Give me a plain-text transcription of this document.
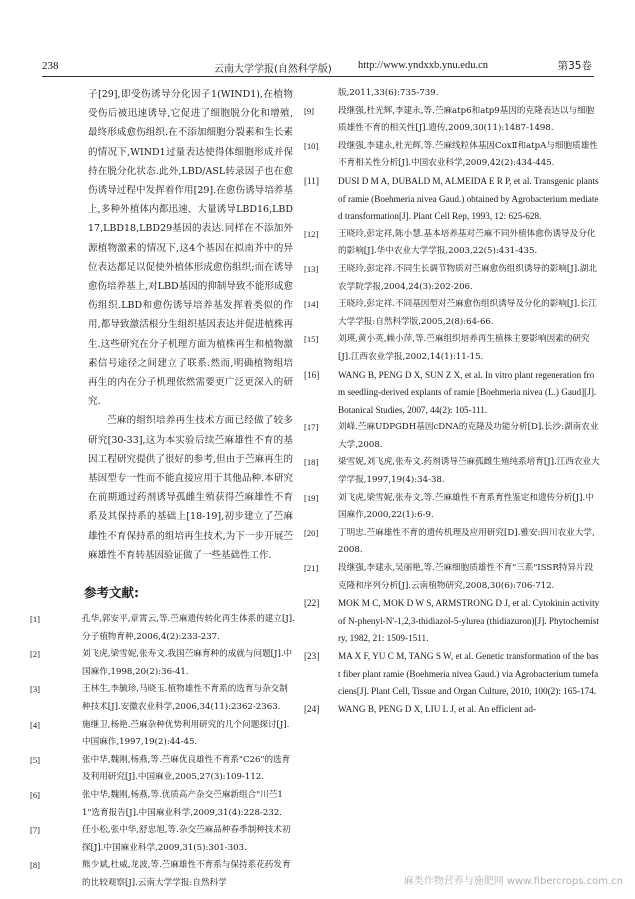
238	云南大学学报(自然科学版) http://www.yndxxb.ynu.edu.cn	第35卷

子[29],即受伤诱导分化因子1(WIND1),在植物受伤后被迅速诱导,它促进了细胞脱分化和增殖,最终形成愈伤组织.在不添加细胞分裂素和生长素的情况下,WIND1过量表达使得体细胞形成并保持在脱分化状态.此外,LBD/ASL转录因子也在愈伤诱导过程中发挥着作用[29].在愈伤诱导培养基上,多种外植体内都迅速、大量诱导LBD16,LBD17,LBD18,LBD29基因的表达.同样在不添加外源植物激素的情况下,这4个基因在拟南芥中的异位表达都足以促使外植体形成愈伤组织;而在诱导愈伤培养基上,对LBD基因的抑制导致不能形成愈伤组织.LBD和愈伤诱导培养基发挥着类似的作用,都导致激活根分生组织基因表达并促进植株再生.这些研究在分子机理方面为植株再生和植物激素信号途径之间建立了联系.然而,明确植物组培再生的内在分子机理依然需要更广泛更深入的研究.

苎麻的组织培养再生技术方面已经做了较多研究[30-33],这为本实验后续苎麻雄性不育的基因工程研究提供了很好的参考,但由于苎麻再生的基因型专一性而不能直接应用于其他品种.本研究在前期通过药剂诱导孤雌生殖获得苎麻雄性不育系及其保持系的基础上[18-19],初步建立了苎麻雄性不育保持系的组培再生技术,为下一步开展苎麻雄性不育转基因验证做了一些基础性工作.

参考文献:

[1]	孔华,郭安平,章霄云,等.苎麻遗传转化再生体系的建立[J].分子植物育种,2006,4(2):233-237.

[2]	刘飞虎,梁雪妮,张寿文.我国苎麻育种的成就与问题[J].中国麻作,1998,20(2):36-41.

[3]	王林生,李毓珍,马晓玉.植物雄性不育系的选育与杂交制种技术[J].安徽农业科学,2006,34(11):2362-2363.

[4]	施继卫,杨艳.苎麻杂种优势利用研究的几个问题探讨[J].中国麻作,1997,19(2):44-45.

[5]	张中华,魏刚,杨燕,等.苎麻优良雄性不育系"C26"的选育及利用研究[J].中国麻业,2005,27(3):109-112.

[6]	张中华,魏刚,杨燕,等.优质高产杂交苎麻新组合"川苎11"选育报告[J].中国麻业科学,2009,31(4):228-232.

[7]	任小松,张中华,舒忠旭,等.杂交苎麻品种春季制种技术初探[J].中国麻业科学,2009,31(5):301-303.

[8]	熊少斌,杜威,龙波,等.苎麻雄性不育系与保持系花药发育的比较观察[J].云南大学学报:自然科学

版,2011,33(6):735-739.

[9]	段继强,杜光辉,李建永,等.苎麻atp6和atp9基因的克隆表达以与细胞质雄性不育的相关性[J].遗传,2009,30(11):1487-1498.

[10] 段继强,李建永,杜光辉,等.苎麻线粒体基因CoxⅡ和atpA与细胞质雄性不育相关性分析[J].中国农业科学,2009,42(2):434-445.

[11] DUSI D M A, DUBALD M, ALMEIDA E R P, et al. Transgenic plants of ramie (Boehmeria nivea Gaud.) obtained by Agrobacterium mediated transformation[J]. Plant Cell Rep, 1993, 12: 625-628.

[12] 王晓玲,彭定祥,陈小慧.基本培养基对苎麻不同外植体愈伤诱导及分化的影响[J].华中农业大学学报,2003,22(5):431-435.

[13] 王晓玲,彭定祥.不同生长调节物质对苎麻愈伤组织诱导的影响[J].湖北农学院学报,2004,24(3):202-206.

[14] 王晓玲,彭定祥.不同基因型对苎麻愈伤组织诱导及分化的影响[J].长江大学学报:自然科学版,2005,2(8):64-66.

[15] 刘瑛,黄小英,赖小萍,等.苎麻组织培养再生植株主要影响因素的研究[J].江西农业学报,2002,14(1):11-15.

[16] WANG B, PENG D X, SUN Z X, et al. In vitro plant regeneration from seedling-derived explants of ramie [Boehmeria nivea (L.) Gaud][J]. Botanical Studies, 2007, 44(2): 105-111.

[17] 刘峰.苎麻UDPGDH基因cDNA的克隆及功能分析[D].长沙:湖南农业大学,2008.

[18] 梁雪妮,刘飞虎,张寿文.药剂诱导苎麻孤雌生殖纯系培育[J].江西农业大学学报,1997,19(4):34-38.

[19] 刘飞虎,梁雪妮,张寿文,等.苎麻雄性不育系育性鉴定和遗传分析[J].中国麻作,2000,22(1):6-9.

[20] 丁明忠.苎麻雄性不育的遗传机理及应用研究[D].雅安:四川农业大学,2008.

[21] 段继强,李建永,吴丽艳,等.苎麻细胞质雄性不育"三系"ISSR特异片段克隆和序列分析[J].云南植物研究,2008,30(6):706-712.

[22] MOK M C, MOK D W S, ARMSTRONG D J, et al. Cytokinin activity of N-phenyl-N'-1,2,3-thidiazol-5-ylurea (thidiazuron)[J]. Phytochemistry, 1982, 21: 1509-1511.

[23] MA X F, YU C M, TANG S W, et al. Genetic transformation of the bast fiber plant ramie (Boehmeria nivea Gaud.) via Agrobacterium tumefaciens[J]. Plant Cell, Tissue and Organ Culture, 2010, 100(2): 165-174.

[24] WANG B, PENG D X, LIU L J, et al. An efficient ad-

麻类作物营养与施肥网 www.fibercrops.com.cn
